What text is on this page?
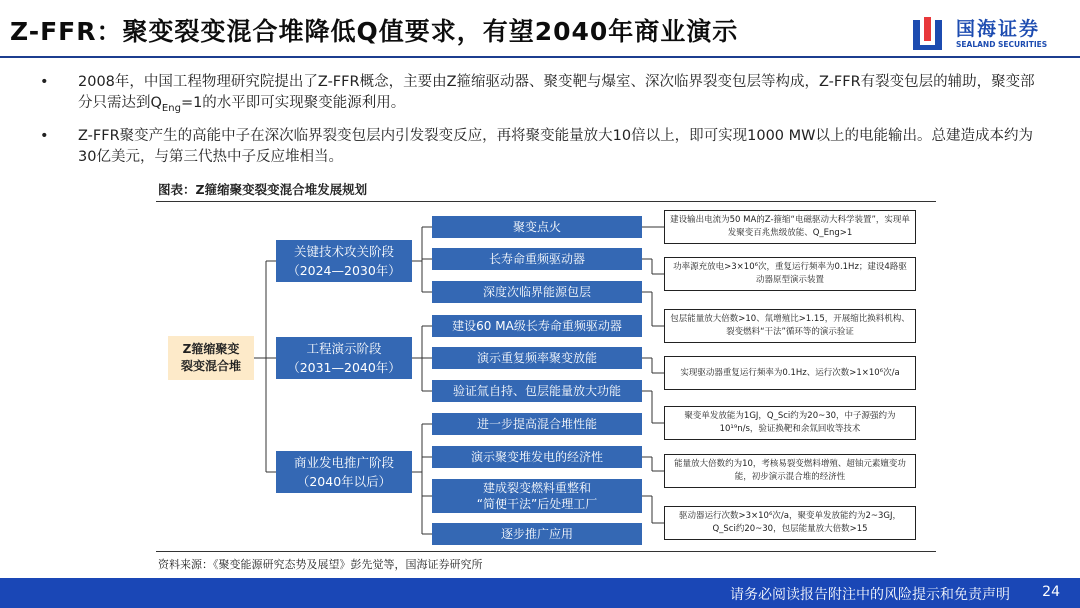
Z-FFR：聚变裂变混合堆降低Q值要求，有望2040年商业演示	国海证券
SEALAND SECURITIES
• 2008年，中国工程物理研究院提出了Z-FFR概念，主要由Z箍缩驱动器、聚变靶与爆室、深次临界裂变包层等构成，Z-FFR有裂变包层的辅助，聚变部分只需达到$Q_{Eng}=1$的水平即可实现聚变能源利用。
• Z-FFR聚变产生的高能中子在深次临界裂变包层内引发裂变反应，再将聚变能量放大10倍以上，即可实现1000 MW以上的电能输出。总建造成本约为30亿美元，与第三代热中子反应堆相当。
图表：Z箍缩聚变裂变混合堆发展规划
Z箍缩聚变
裂变混合堆
关键技术攻关阶段
（2024—2030年）
工程演示阶段
（2031—2040年）
商业发电推广阶段
（2040年以后）
聚变点火
长寿命重频驱动器
深度次临界能源包层
建设60 MA级长寿命重频驱动器
演示重复频率聚变放能
验证氚自持、包层能量放大功能
进一步提高混合堆性能
演示聚变堆发电的经济性
建成裂变燃料重整和
“简便干法”后处理工厂
逐步推广应用
建设输出电流为50 MA的Z-箍缩“电磁驱动大科学装置”，实现单发聚变百兆焦级放能、Q_Eng>1
功率源充放电>3×10⁶次，重复运行频率为0.1Hz；建设4路驱动器原型演示装置
包层能量放大倍数>10、氚增殖比>1.15，开展缩比换料机构、裂变燃料“干法”循环等的演示验证
实现驱动器重复运行频率为0.1Hz、运行次数>1×10⁶次/a
聚变单发放能为1GJ，Q_Sci约为20~30，中子源强约为10¹⁹n/s，验证换靶和余氚回收等技术
能量放大倍数约为10，考核易裂变燃料增殖、超铀元素嬗变功能，初步演示混合堆的经济性
驱动器运行次数>3×10⁶次/a，聚变单发放能约为2~3GJ，Q_Sci约20~30，包层能量放大倍数>15
资料来源：《聚变能源研究态势及展望》彭先觉等，国海证券研究所
请务必阅读报告附注中的风险提示和免责声明 24
